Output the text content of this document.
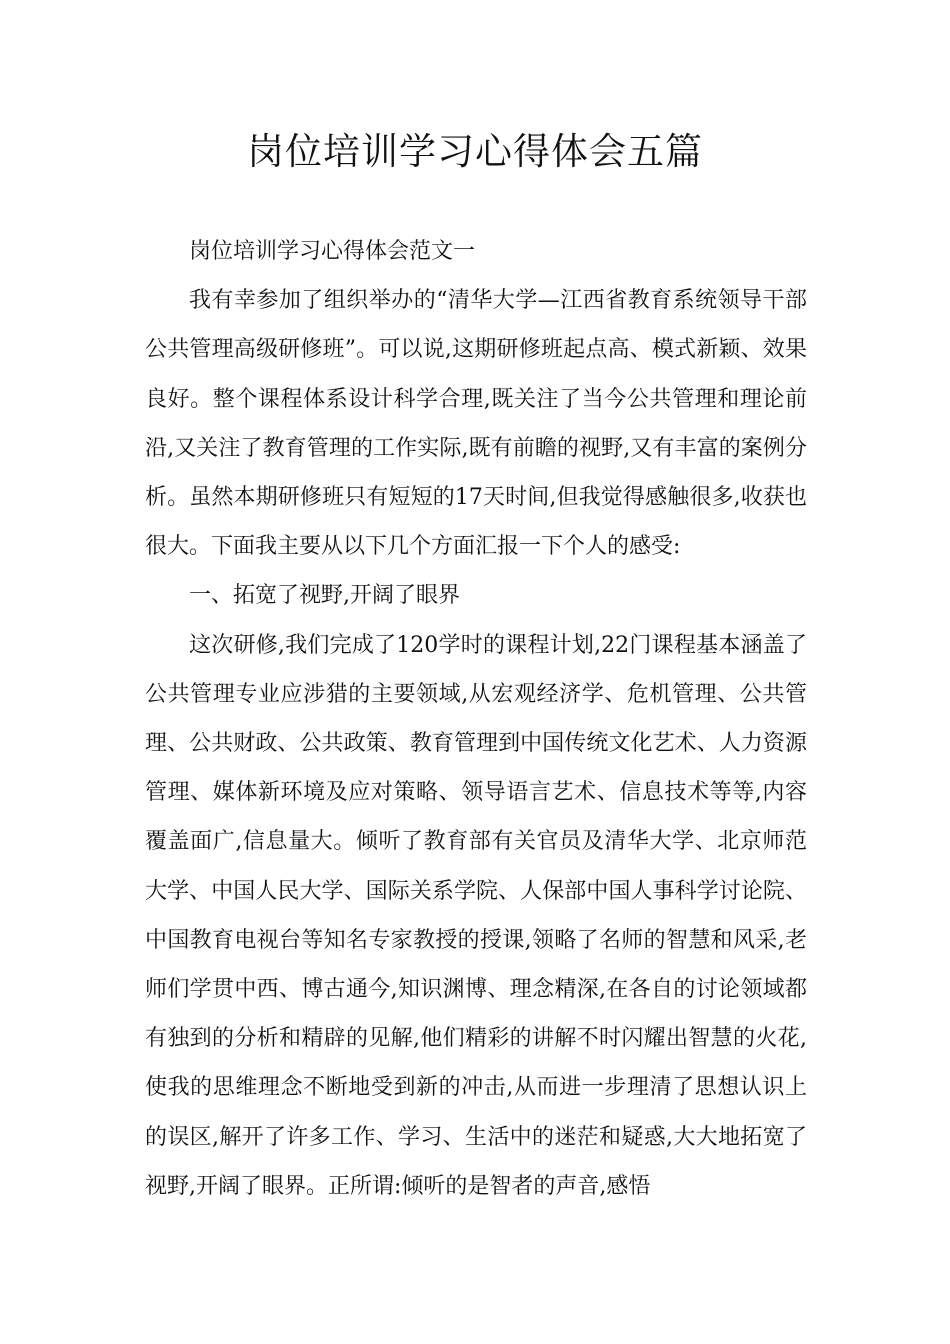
岗位培训学习心得体会五篇

岗位培训学习心得体会范文一

我有幸参加了组织举办的“清华大学—江西省教育系统领导干部公共管理高级研修班”。可以说,这期研修班起点高、模式新颖、效果良好。整个课程体系设计科学合理,既关注了当今公共管理和理论前沿,又关注了教育管理的工作实际,既有前瞻的视野,又有丰富的案例分析。虽然本期研修班只有短短的17天时间,但我觉得感触很多,收获也很大。下面我主要从以下几个方面汇报一下个人的感受:

一、拓宽了视野,开阔了眼界

这次研修,我们完成了120学时的课程计划,22门课程基本涵盖了公共管理专业应涉猎的主要领域,从宏观经济学、危机管理、公共管理、公共财政、公共政策、教育管理到中国传统文化艺术、人力资源管理、媒体新环境及应对策略、领导语言艺术、信息技术等等,内容覆盖面广,信息量大。倾听了教育部有关官员及清华大学、北京师范大学、中国人民大学、国际关系学院、人保部中国人事科学讨论院、中国教育电视台等知名专家教授的授课,领略了名师的智慧和风采,老师们学贯中西、博古通今,知识渊博、理念精深,在各自的讨论领域都有独到的分析和精辟的见解,他们精彩的讲解不时闪耀出智慧的火花,使我的思维理念不断地受到新的冲击,从而进一步理清了思想认识上的误区,解开了许多工作、学习、生活中的迷茫和疑惑,大大地拓宽了视野,开阔了眼界。正所谓:倾听的是智者的声音,感悟
